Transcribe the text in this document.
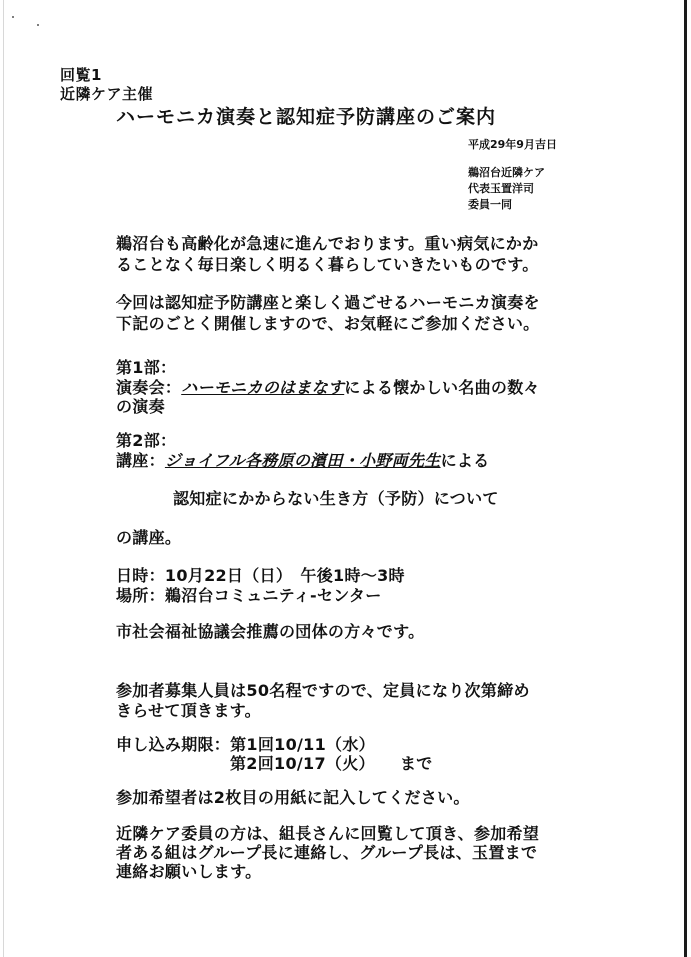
回覧1

近隣ケア主催

ハーモニカ演奏と認知症予防講座のご案内

平成29年9月吉日

鵜沼台近隣ケア

代表玉置洋司

委員一同

鵜沼台も高齢化が急速に進んでおります。重い病気にかか

ることなく毎日楽しく明るく暮らしていきたいものです。

今回は認知症予防講座と楽しく過ごせるハーモニカ演奏を

下記のごとく開催しますので、お気軽にご参加ください。

第1部：

演奏会：ハーモニカのはまなすによる懐かしい名曲の数々

の演奏

第2部：

講座：ジョイフル各務原の濱田・小野両先生による

認知症にかからない生き方（予防）について

の講座。

日時：10月22日（日）　午後1時～3時

場所：鵜沼台コミュニティ-センター

市社会福祉協議会推薦の団体の方々です。

参加者募集人員は50名程ですので、定員になり次第締め

きらせて頂きます。

申し込み期限：第1回10/11（水）

第2回10/17（火） まで

参加希望者は2枚目の用紙に記入してください。

近隣ケア委員の方は、組長さんに回覧して頂き、参加希望

者ある組はグループ長に連絡し、グループ長は、玉置まで

連絡お願いします。
